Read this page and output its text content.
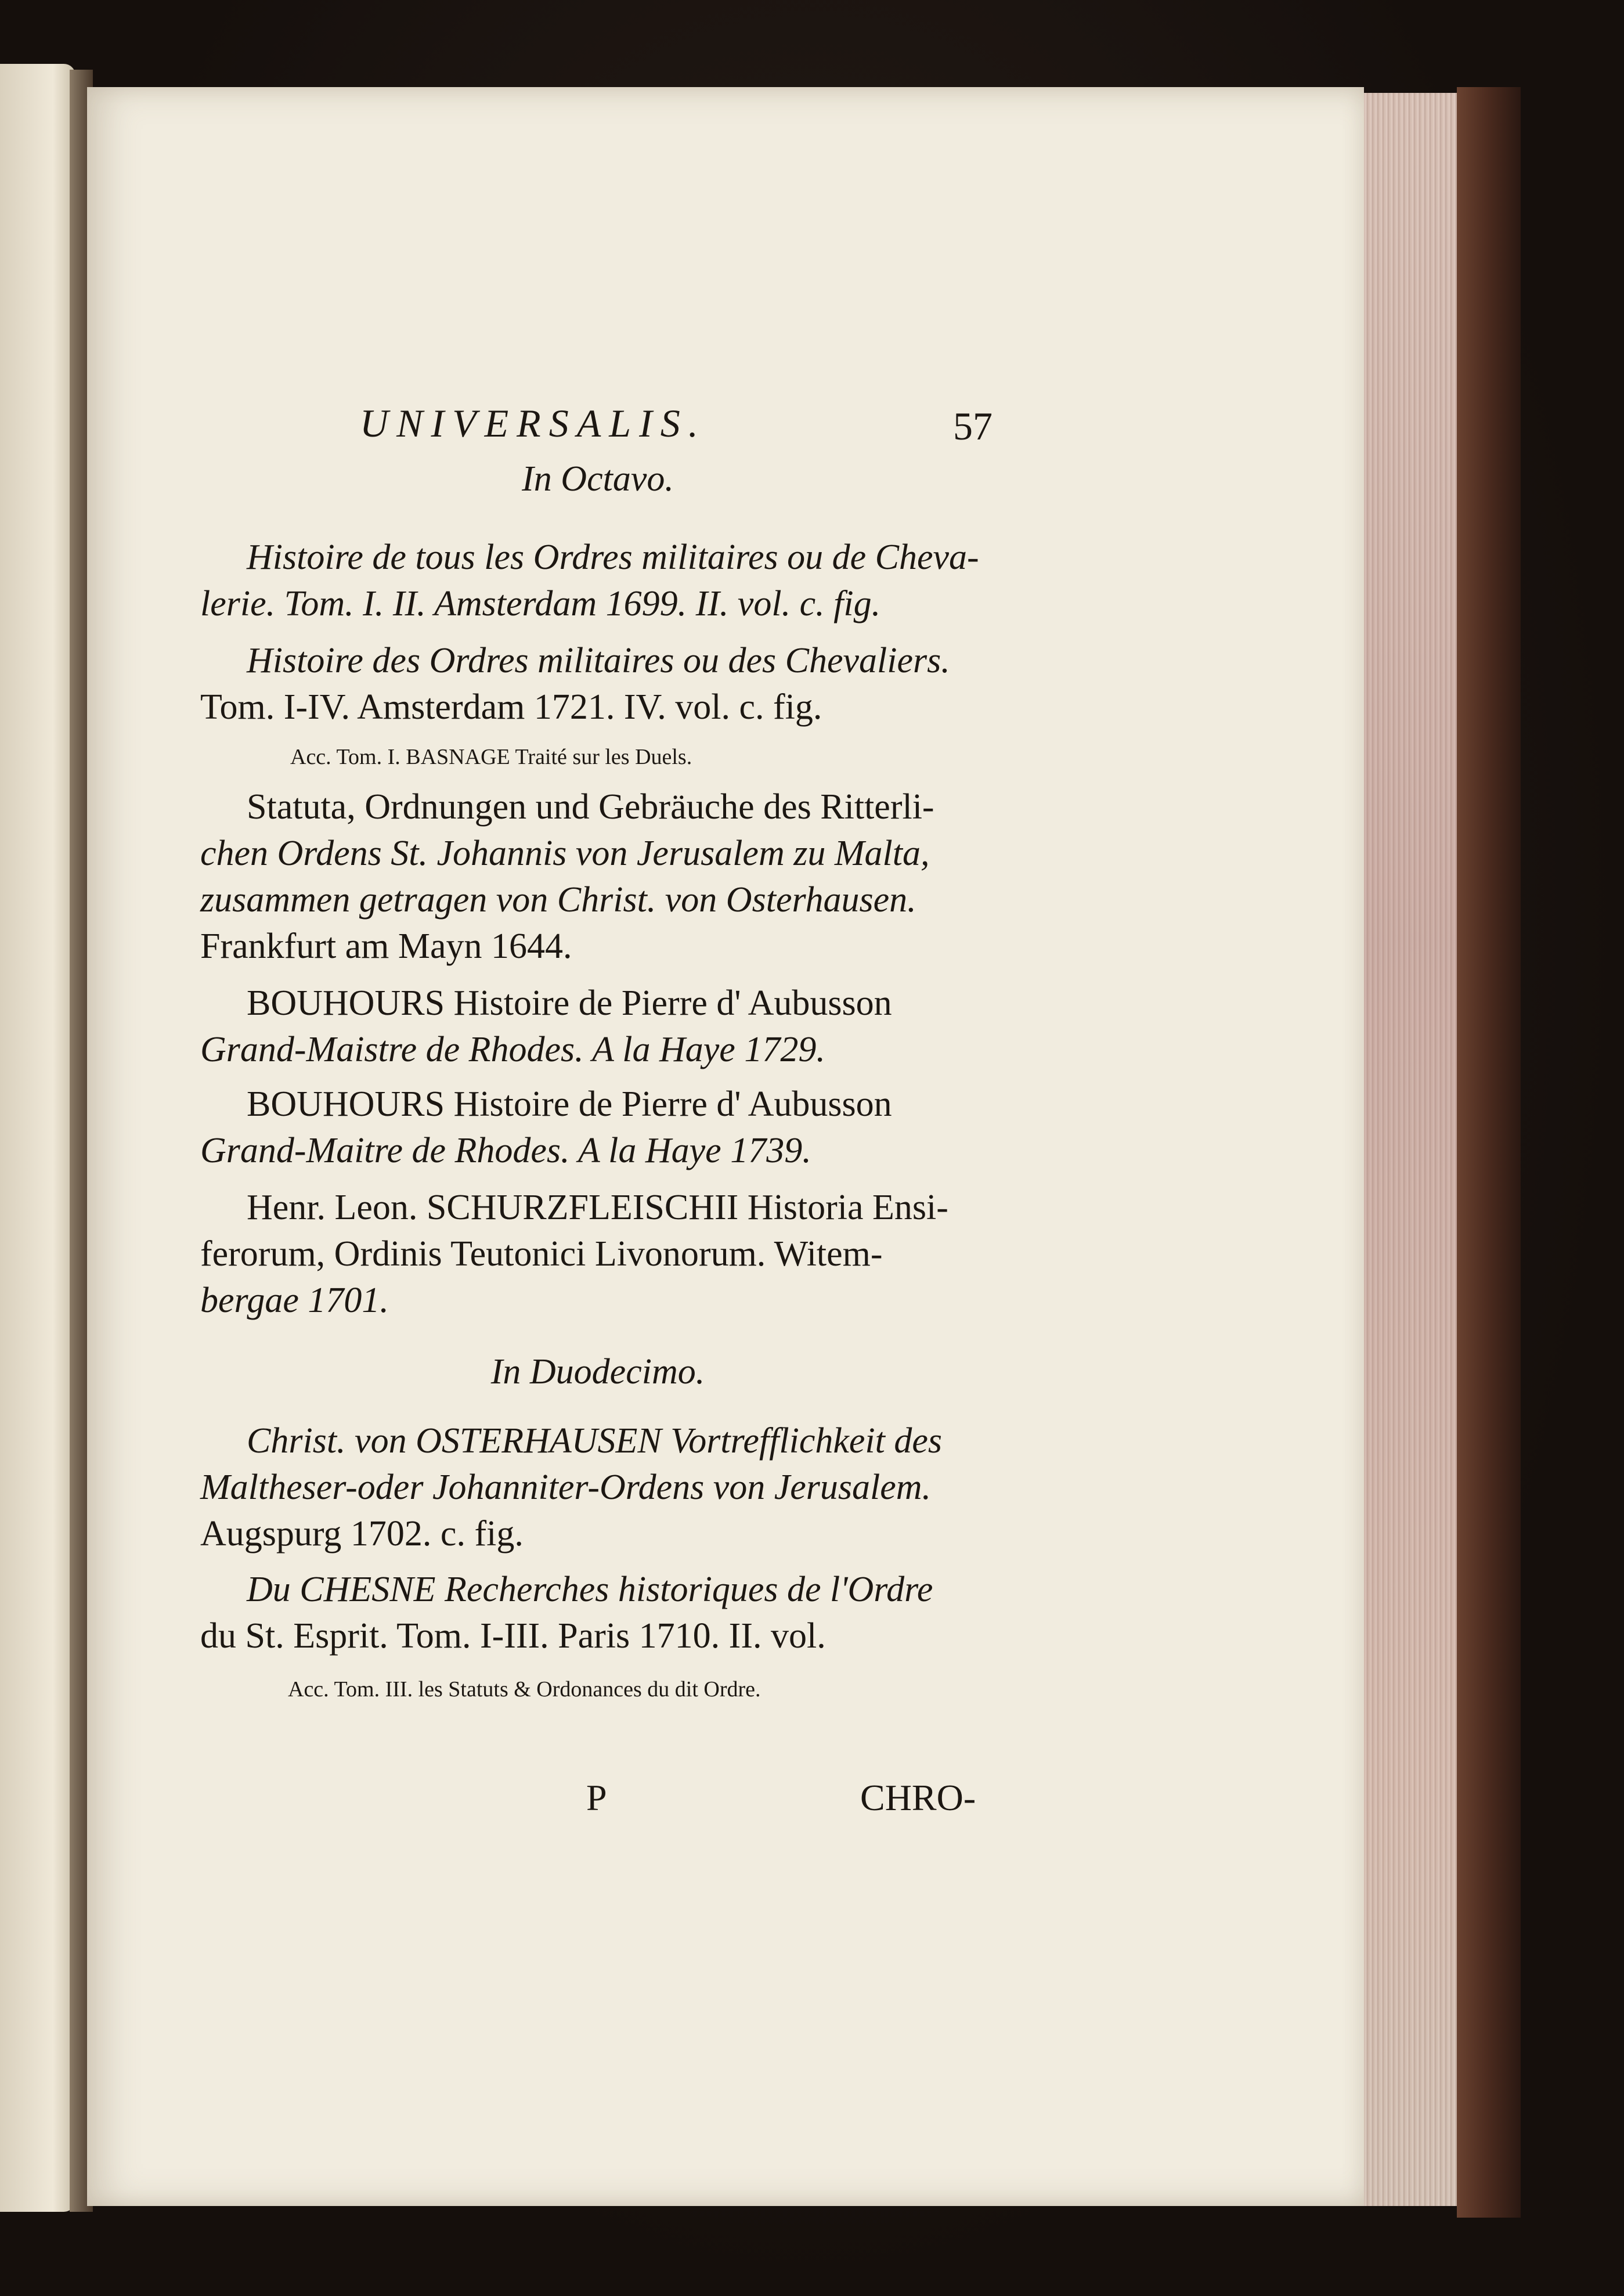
UNIVERSALIS.	57
In Octavo.
Histoire de tous les Ordres militaires ou de Cheva-
lerie. Tom. I. II. Amsterdam 1699. II. vol. c. fig.
Histoire des Ordres militaires ou des Chevaliers.
Tom. I-IV. Amsterdam 1721. IV. vol. c. fig.
Acc. Tom. I. BASNAGE Traité sur les Duels.
Statuta, Ordnungen und Gebräuche des Ritterli-
chen Ordens St. Johannis von Jerusalem zu Malta,
zusammen getragen von Christ. von Osterhausen.
Frankfurt am Mayn 1644.
BOUHOURS Histoire de Pierre d' Aubusson
Grand-Maistre de Rhodes. A la Haye 1729.
BOUHOURS Histoire de Pierre d' Aubusson
Grand-Maitre de Rhodes. A la Haye 1739.
Henr. Leon. SCHURZFLEISCHII Historia Ensi-
ferorum, Ordinis Teutonici Livonorum. Witem-
bergae 1701.
In Duodecimo.
Christ. von OSTERHAUSEN Vortrefflichkeit des
Maltheser-oder Johanniter-Ordens von Jerusalem.
Augspurg 1702. c. fig.
Du CHESNE Recherches historiques de l'Ordre
du St. Esprit. Tom. I-III. Paris 1710. II. vol.
Acc. Tom. III. les Statuts & Ordonances du dit Ordre.
P	CHRO-
